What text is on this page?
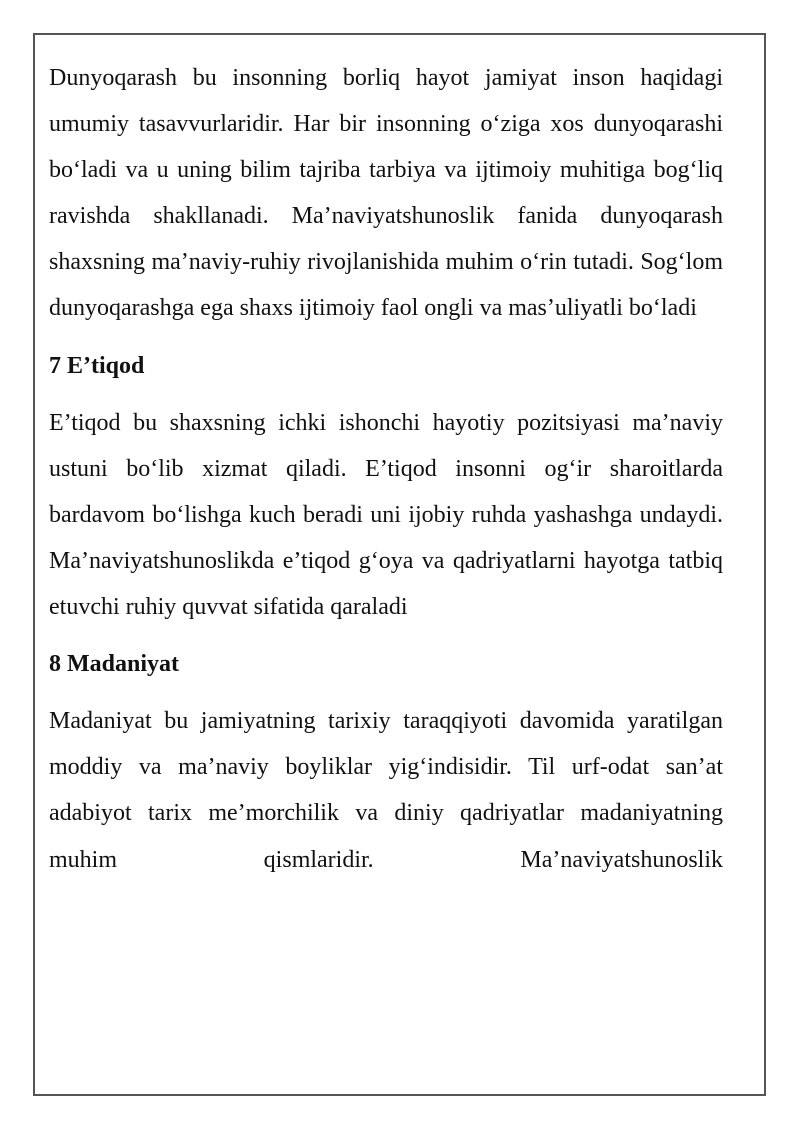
Dunyoqarash bu insonning borliq hayot jamiyat inson haqidagi umumiy tasavvurlaridir. Har bir insonning o‘ziga xos dunyoqarashi bo‘ladi va u uning bilim tajriba tarbiya va ijtimoiy muhitiga bog‘liq ravishda shakllanadi. Ma’naviyatshunoslik fanida dunyoqarash shaxsning ma’naviy-ruhiy rivojlanishida muhim o‘rin tutadi. Sog‘lom dunyoqarashga ega shaxs ijtimoiy faol ongli va mas’uliyatli bo‘ladi

7 E’tiqod

E’tiqod bu shaxsning ichki ishonchi hayotiy pozitsiyasi ma’naviy ustuni bo‘lib xizmat qiladi. E’tiqod insonni og‘ir sharoitlarda bardavom bo‘lishga kuch beradi uni ijobiy ruhda yashashga undaydi. Ma’naviyatshunoslikda e’tiqod g‘oya va qadriyatlarni hayotga tatbiq etuvchi ruhiy quvvat sifatida qaraladi

8 Madaniyat

Madaniyat bu jamiyatning tarixiy taraqqiyoti davomida yaratilgan moddiy va ma’naviy boyliklar yig‘indisidir. Til urf-odat san’at adabiyot tarix me’morchilik va diniy qadriyatlar madaniyatning muhim qismlaridir. Ma’naviyatshunoslik
